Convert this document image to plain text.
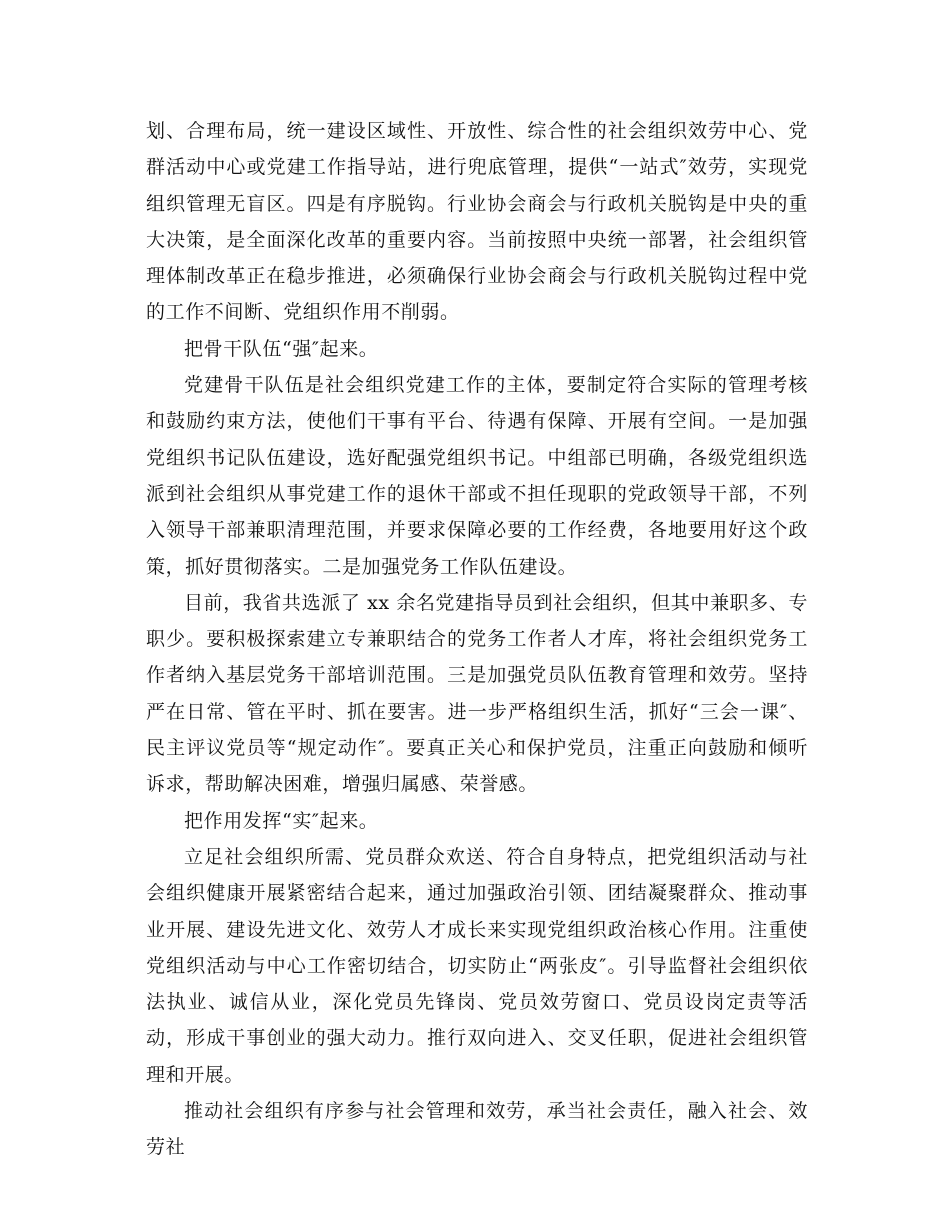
划、合理布局，统一建设区域性、开放性、综合性的社会组织效劳中心、党群活动中心或党建工作指导站，进行兜底管理，提供“一站式″效劳，实现党组织管理无盲区。四是有序脱钩。行业协会商会与行政机关脱钩是中央的重大决策，是全面深化改革的重要内容。当前按照中央统一部署，社会组织管理体制改革正在稳步推进，必须确保行业协会商会与行政机关脱钩过程中党的工作不间断、党组织作用不削弱。

把骨干队伍“强″起来。

党建骨干队伍是社会组织党建工作的主体，要制定符合实际的管理考核和鼓励约束方法，使他们干事有平台、待遇有保障、开展有空间。一是加强党组织书记队伍建设，选好配强党组织书记。中组部已明确，各级党组织选派到社会组织从事党建工作的退休干部或不担任现职的党政领导干部，不列入领导干部兼职清理范围，并要求保障必要的工作经费，各地要用好这个政策，抓好贯彻落实。二是加强党务工作队伍建设。

目前，我省共选派了 xx 余名党建指导员到社会组织，但其中兼职多、专职少。要积极探索建立专兼职结合的党务工作者人才库，将社会组织党务工作者纳入基层党务干部培训范围。三是加强党员队伍教育管理和效劳。坚持严在日常、管在平时、抓在要害。进一步严格组织生活，抓好“三会一课″、民主评议党员等“规定动作″。要真正关心和保护党员，注重正向鼓励和倾听诉求，帮助解决困难，增强归属感、荣誉感。

把作用发挥“实″起来。

立足社会组织所需、党员群众欢送、符合自身特点，把党组织活动与社会组织健康开展紧密结合起来，通过加强政治引领、团结凝聚群众、推动事业开展、建设先进文化、效劳人才成长来实现党组织政治核心作用。注重使党组织活动与中心工作密切结合，切实防止“两张皮″。引导监督社会组织依法执业、诚信从业，深化党员先锋岗、党员效劳窗口、党员设岗定责等活动，形成干事创业的强大动力。推行双向进入、交叉任职，促进社会组织管理和开展。

推动社会组织有序参与社会管理和效劳，承当社会责任，融入社会、效劳社
